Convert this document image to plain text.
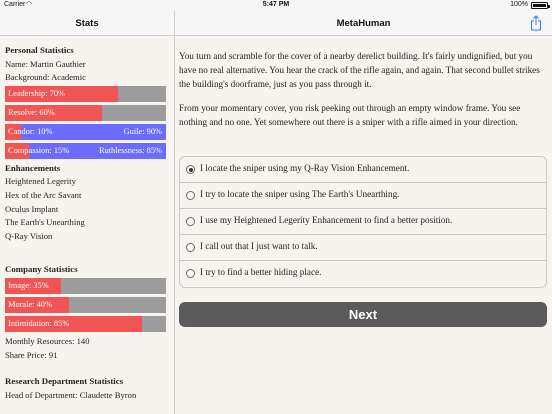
Carrier ◠	5:47 PM	100%
Stats	MetaHuman
Personal Statistics
Name: Martin Gauthier
Background: Academic
Leadership: 70%
Resolve: 60%
Candor: 10%	Guile: 90%
Compassion: 15%	Ruthlessness: 85%
Enhancements
Heightened Legerity
Hex of the Arc Savant
Oculus Implant
The Earth's Unearthing
Q-Ray Vision
Company Statistics
Image: 35%
Morale: 40%
Intimidation: 85%
Monthly Resources: 140
Share Price: 91
Research Department Statistics
Head of Department: Claudette Byron
You turn and scramble for the cover of a nearby derelict building. It's fairly undignified, but you have no real alternative. You hear the crack of the rifle again, and again. That second bullet strikes the building's doorframe, just as you pass through it.
From your momentary cover, you risk peeking out through an empty window frame. You see nothing and no one. Yet somewhere out there is a sniper with a rifle aimed in your direction.
I locate the sniper using my Q-Ray Vision Enhancement.
I try to locate the sniper using The Earth's Unearthing.
I use my Heightened Legerity Enhancement to find a better position.
I call out that I just want to talk.
I try to find a better hiding place.
Next
